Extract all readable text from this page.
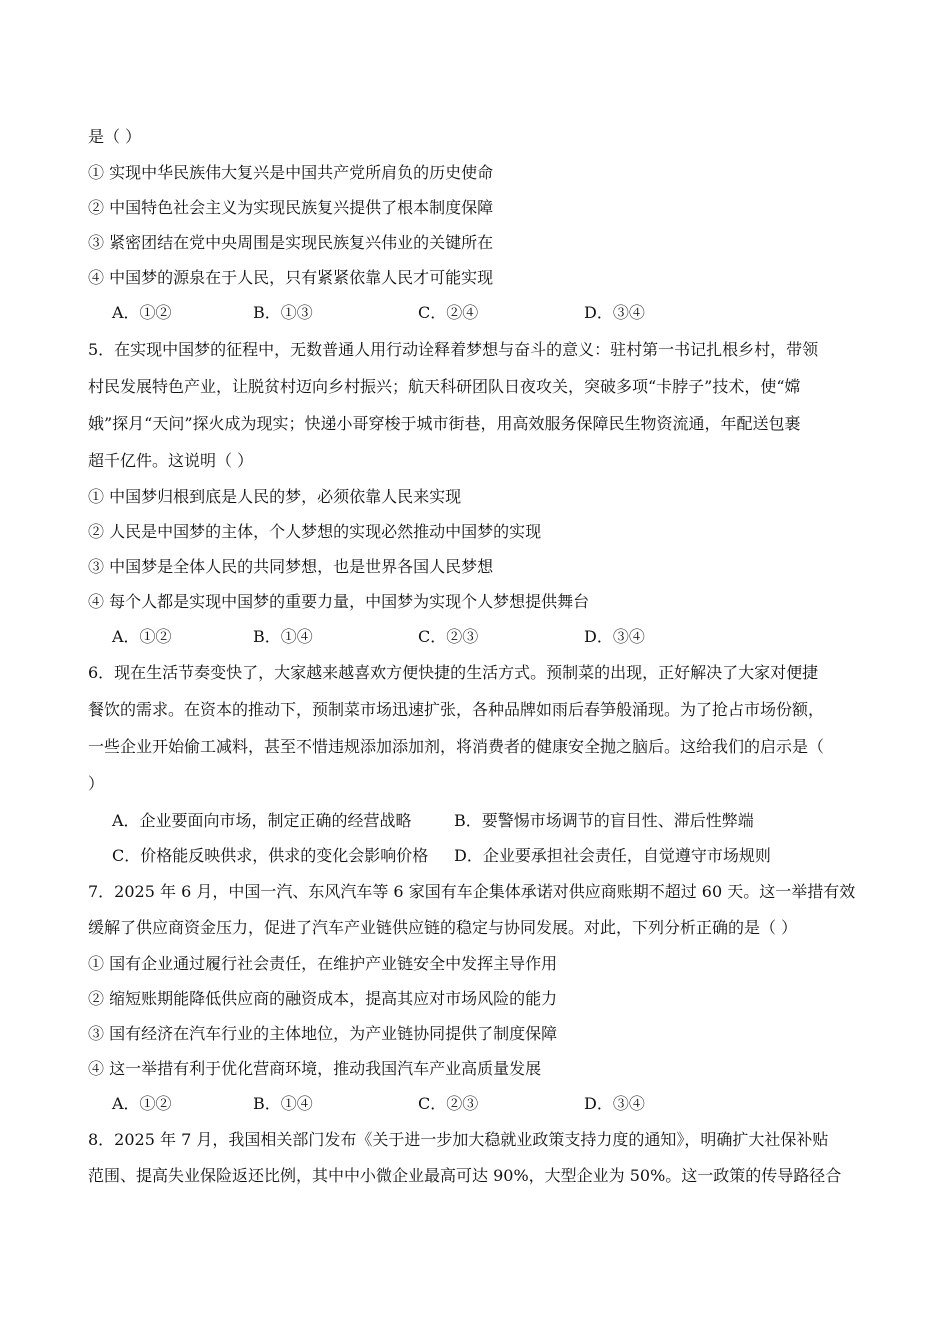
是（ ）
① 实现中华民族伟大复兴是中国共产党所肩负的历史使命
② 中国特色社会主义为实现民族复兴提供了根本制度保障
③ 紧密团结在党中央周围是实现民族复兴伟业的关键所在
④ 中国梦的源泉在于人民，只有紧紧依靠人民才可能实现
A．①②	B．①③	C．②④	D．③④
5．在实现中国梦的征程中，无数普通人用行动诠释着梦想与奋斗的意义：驻村第一书记扎根乡村，带领
村民发展特色产业，让脱贫村迈向乡村振兴；航天科研团队日夜攻关，突破多项“卡脖子”技术，使“嫦
娥”探月“天问”探火成为现实；快递小哥穿梭于城市街巷，用高效服务保障民生物资流通，年配送包裹
超千亿件。这说明（ ）
① 中国梦归根到底是人民的梦，必须依靠人民来实现
② 人民是中国梦的主体，个人梦想的实现必然推动中国梦的实现
③ 中国梦是全体人民的共同梦想，也是世界各国人民梦想
④ 每个人都是实现中国梦的重要力量，中国梦为实现个人梦想提供舞台
A．①②	B．①④	C．②③	D．③④
6．现在生活节奏变快了，大家越来越喜欢方便快捷的生活方式。预制菜的出现，正好解决了大家对便捷
餐饮的需求。在资本的推动下，预制菜市场迅速扩张，各种品牌如雨后春笋般涌现。为了抢占市场份额，
一些企业开始偷工减料，甚至不惜违规添加添加剂，将消费者的健康安全抛之脑后。这给我们的启示是（
）
A．企业要面向市场，制定正确的经营战略	B．要警惕市场调节的盲目性、滞后性弊端
C．价格能反映供求，供求的变化会影响价格 D．企业要承担社会责任，自觉遵守市场规则
7．2025 年 6 月，中国一汽、东风汽车等 6 家国有车企集体承诺对供应商账期不超过 60 天。这一举措有效
缓解了供应商资金压力，促进了汽车产业链供应链的稳定与协同发展。对此，下列分析正确的是（ ）
① 国有企业通过履行社会责任，在维护产业链安全中发挥主导作用
② 缩短账期能降低供应商的融资成本，提高其应对市场风险的能力
③ 国有经济在汽车行业的主体地位，为产业链协同提供了制度保障
④ 这一举措有利于优化营商环境，推动我国汽车产业高质量发展
A．①②	B．①④	C．②③	D．③④
8．2025 年 7 月，我国相关部门发布《关于进一步加大稳就业政策支持力度的通知》，明确扩大社保补贴
范围、提高失业保险返还比例，其中中小微企业最高可达 90%，大型企业为 50%。这一政策的传导路径合
